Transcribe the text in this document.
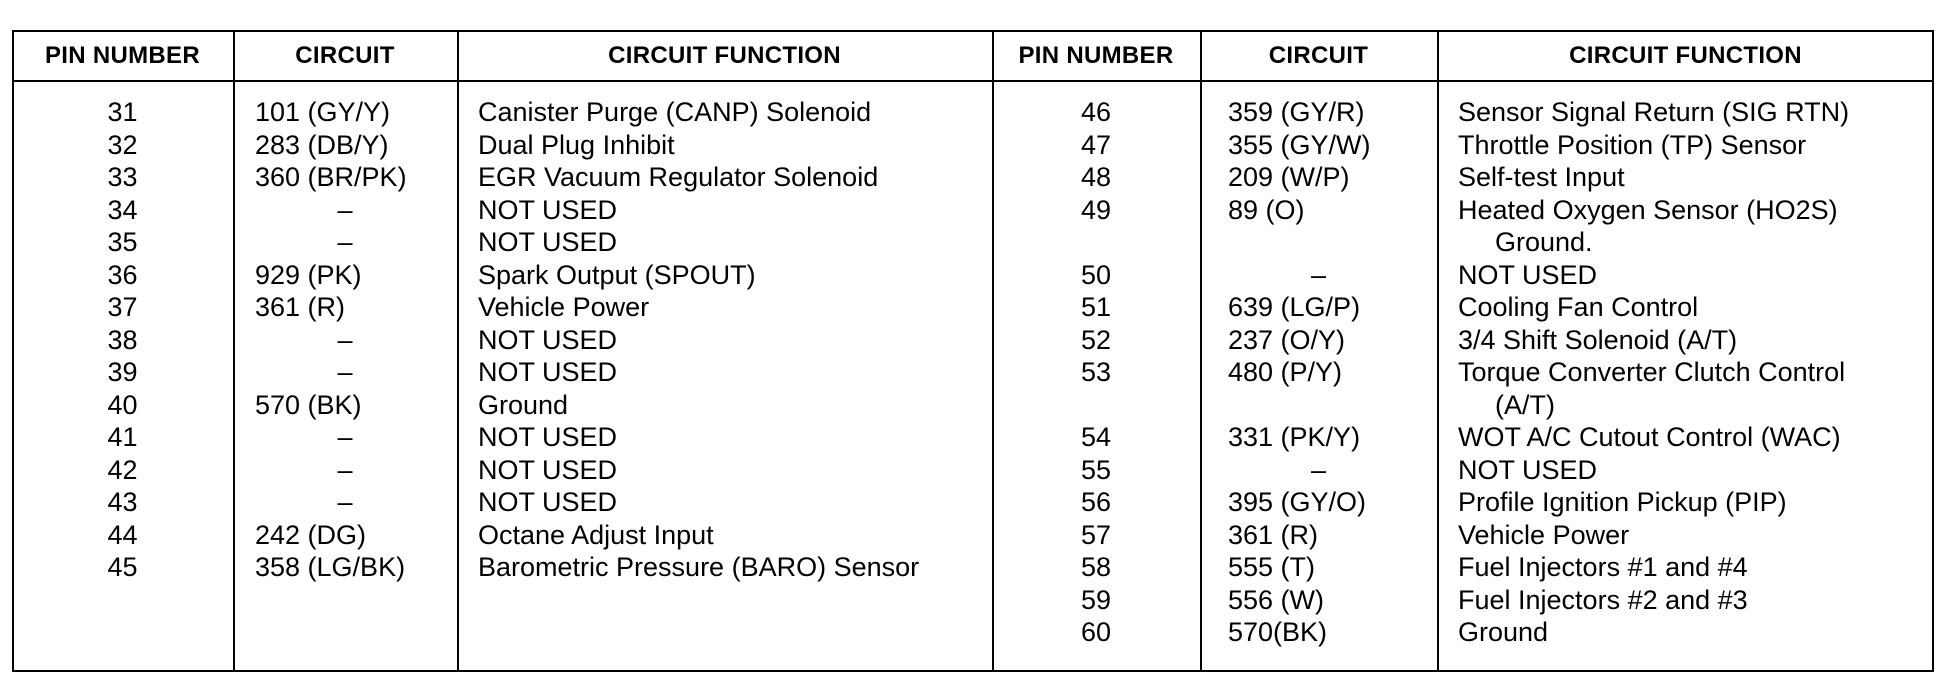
PIN NUMBER	CIRCUIT	CIRCUIT FUNCTION	PIN NUMBER	CIRCUIT	CIRCUIT FUNCTION
31	101 (GY/Y)	Canister Purge (CANP) Solenoid
32	283 (DB/Y)	Dual Plug Inhibit
33	360 (BR/PK)	EGR Vacuum Regulator Solenoid
34	–	NOT USED
35	–	NOT USED
36	929 (PK)	Spark Output (SPOUT)
37	361 (R)	Vehicle Power
38	–	NOT USED
39	–	NOT USED
40	570 (BK)	Ground
41	–	NOT USED
42	–	NOT USED
43	–	NOT USED
44	242 (DG)	Octane Adjust Input
45	358 (LG/BK)	Barometric Pressure (BARO) Sensor
46	359 (GY/R)	Sensor Signal Return (SIG RTN)
47	355 (GY/W)	Throttle Position (TP) Sensor
48	209 (W/P)	Self-test Input
49	89 (O)	Heated Oxygen Sensor (HO2S)
Ground.
50	–	NOT USED
51	639 (LG/P)	Cooling Fan Control
52	237 (O/Y)	3/4 Shift Solenoid (A/T)
53	480 (P/Y)	Torque Converter Clutch Control
(A/T)
54	331 (PK/Y)	WOT A/C Cutout Control (WAC)
55	–	NOT USED
56	395 (GY/O)	Profile Ignition Pickup (PIP)
57	361 (R)	Vehicle Power
58	555 (T)	Fuel Injectors #1 and #4
59	556 (W)	Fuel Injectors #2 and #3
60	570(BK)	Ground
